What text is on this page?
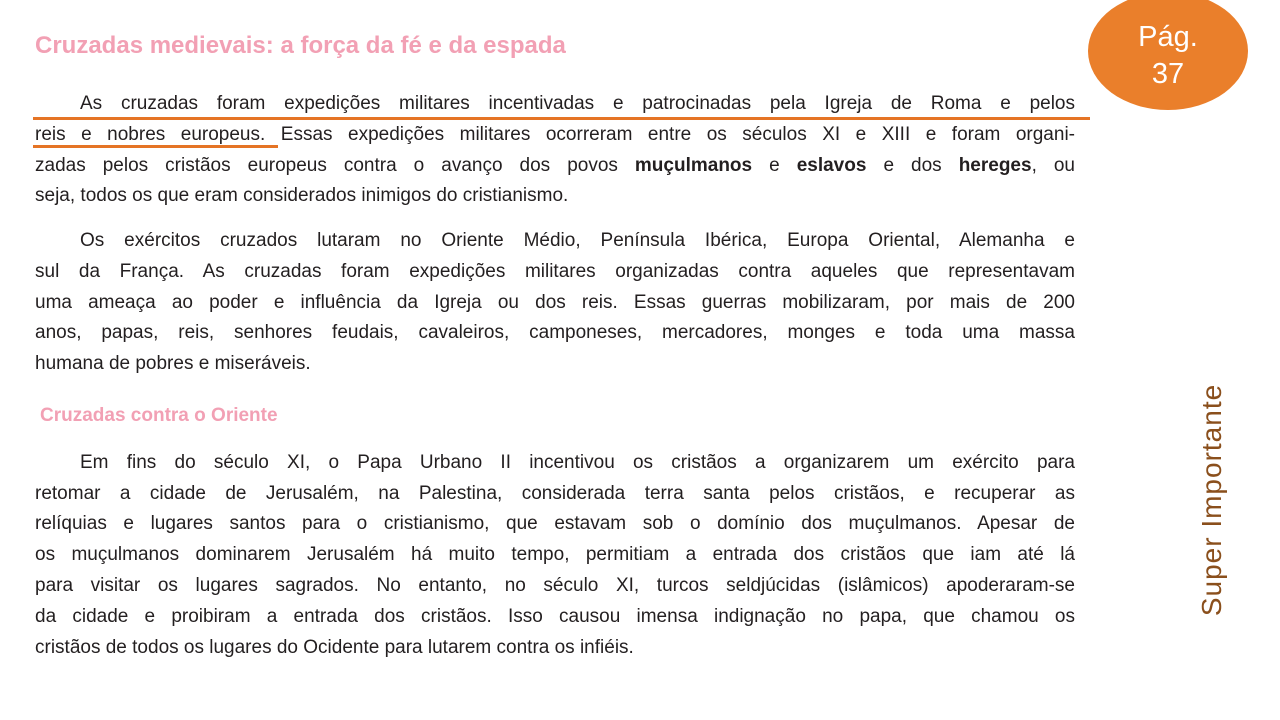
Cruzadas medievais: a força da fé e da espada	Pág.
37
As cruzadas foram expedições militares incentivadas e patrocinadas pela Igreja de Roma e pelos
reis e nobres europeus. Essas expedições militares ocorreram entre os séculos XI e XIII e foram organi-
zadas pelos cristãos europeus contra o avanço dos povos muçulmanos e eslavos e dos hereges, ou
seja, todos os que eram considerados inimigos do cristianismo.
Os exércitos cruzados lutaram no Oriente Médio, Península Ibérica, Europa Oriental, Alemanha e
sul da França. As cruzadas foram expedições militares organizadas contra aqueles que representavam
uma ameaça ao poder e influência da Igreja ou dos reis. Essas guerras mobilizaram, por mais de 200
anos, papas, reis, senhores feudais, cavaleiros, camponeses, mercadores, monges e toda uma massa
humana de pobres e miseráveis.
Cruzadas contra o Oriente
Em fins do século XI, o Papa Urbano II incentivou os cristãos a organizarem um exército para
retomar a cidade de Jerusalém, na Palestina, considerada terra santa pelos cristãos, e recuperar as
relíquias e lugares santos para o cristianismo, que estavam sob o domínio dos muçulmanos. Apesar de
os muçulmanos dominarem Jerusalém há muito tempo, permitiam a entrada dos cristãos que iam até lá
para visitar os lugares sagrados. No entanto, no século XI, turcos seldjúcidas (islâmicos) apoderaram-se
da cidade e proibiram a entrada dos cristãos. Isso causou imensa indignação no papa, que chamou os
cristãos de todos os lugares do Ocidente para lutarem contra os infiéis.
Super Importante
